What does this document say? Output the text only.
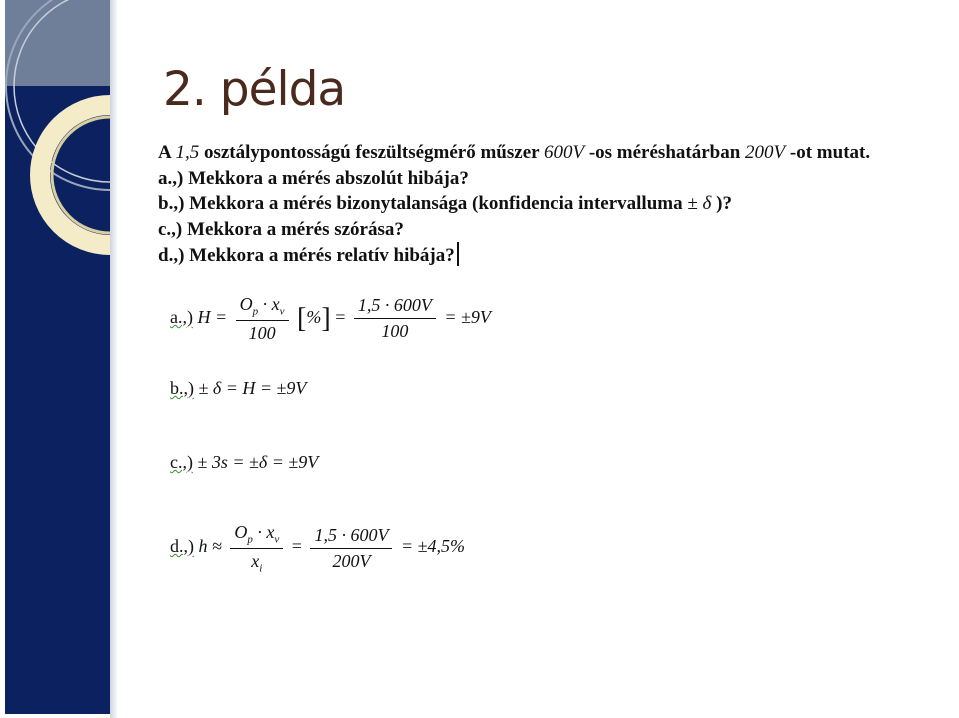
2. példa
A 1,5 osztálypontosságú feszültségmérő műszer 600V -os méréshatárban 200V -ot mutat.
a.,) Mekkora a mérés abszolút hibája?
b.,) Mekkora a mérés bizonytalansága (konfidencia intervalluma ± δ )?
c.,) Mekkora a mérés szórása?
d.,) Mekkora a mérés relatív hibája?
a.,) $H = \frac{O_p \cdot x_v}{100}$ [%] = $\frac{1,5 \cdot 600V}{100} = \pm 9V$
b.,) ± δ = H = ±9V
c.,) ± 3s = ±δ = ±9V
d.,) $h \approx \frac{O_p \cdot x_v}{x_i} = \frac{1,5 \cdot 600V}{200V} = \pm 4,5\%$
